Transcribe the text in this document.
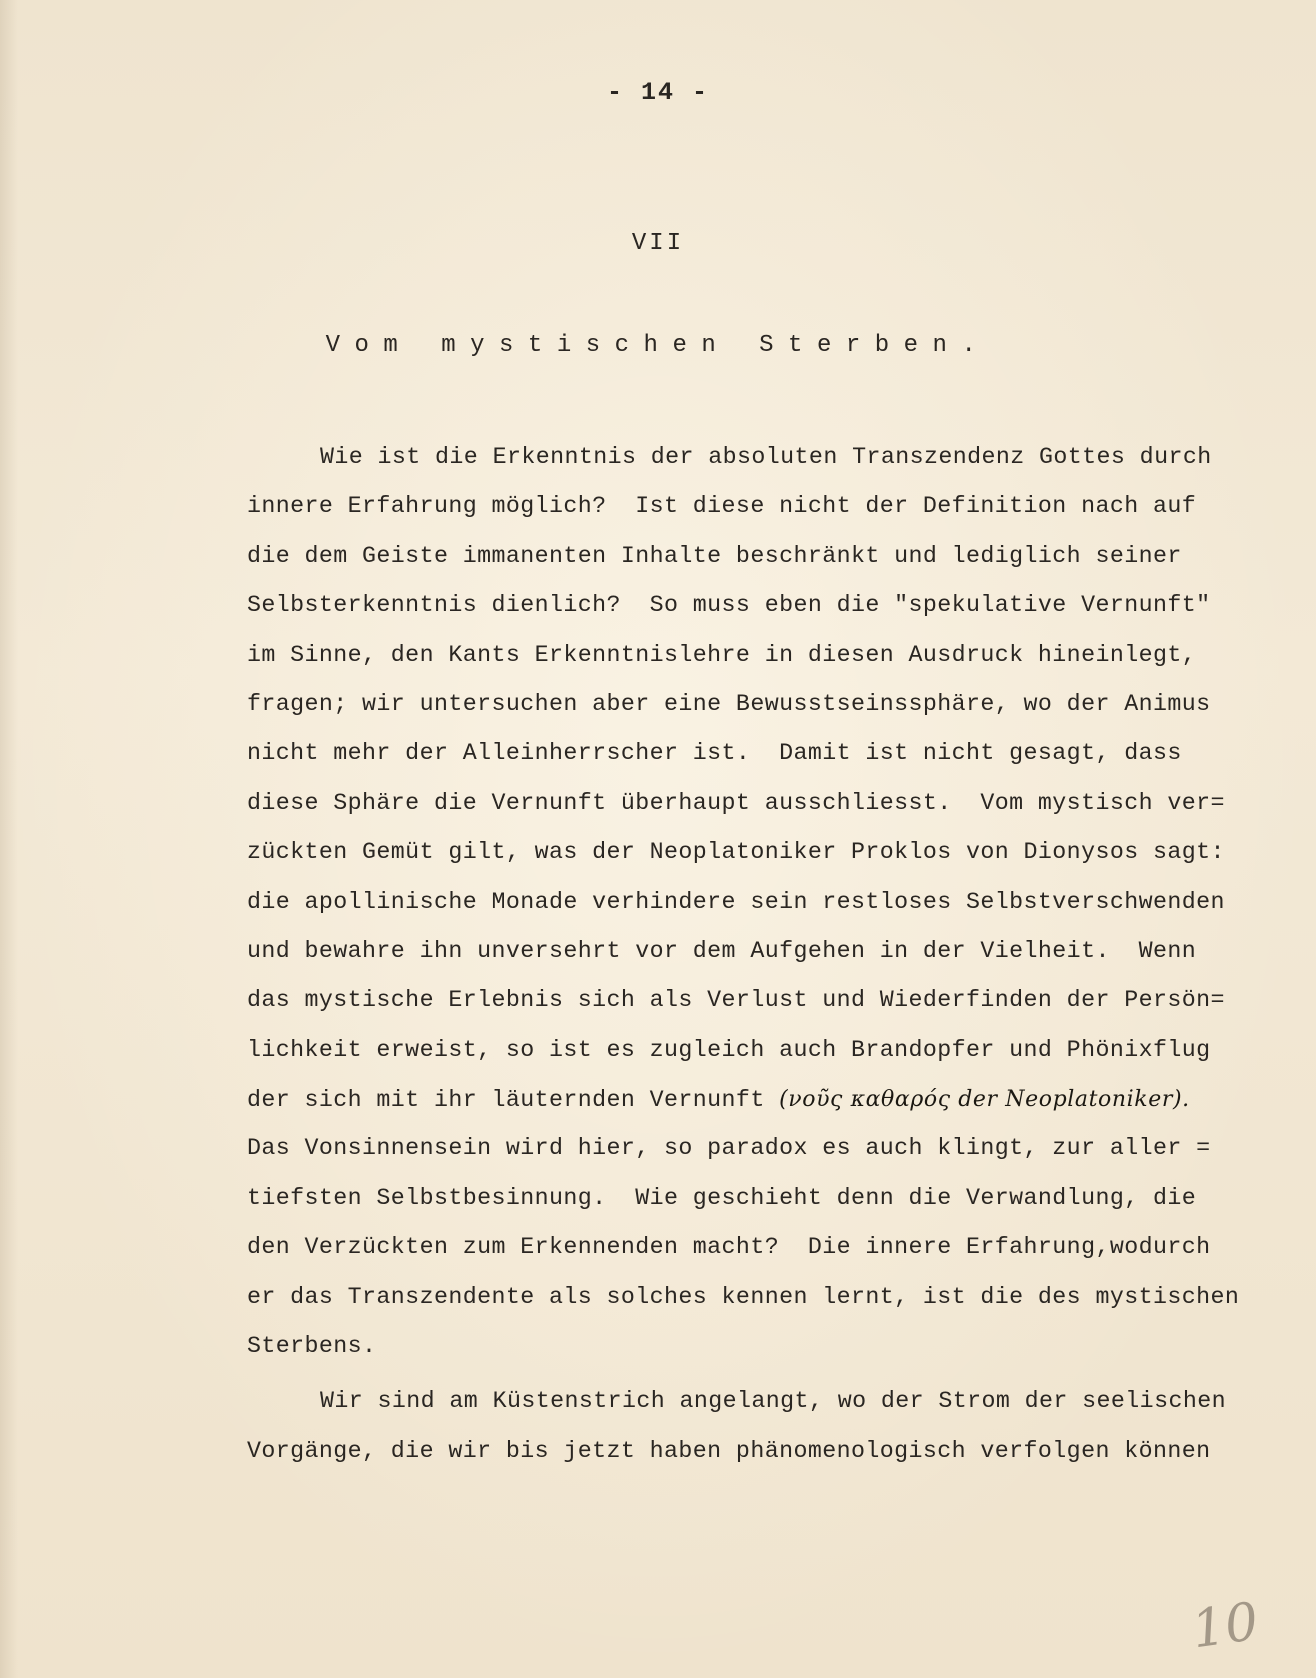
- 14 -
VII
Vom mystischen Sterben.
Wie ist die Erkenntnis der absoluten Transzendenz Gottes durch
innere Erfahrung möglich?  Ist diese nicht der Definition nach auf
die dem Geiste immanenten Inhalte beschränkt und lediglich seiner
Selbsterkenntnis dienlich?  So muss eben die "spekulative Vernunft"
im Sinne, den Kants Erkenntnislehre in diesen Ausdruck hineinlegt,
fragen; wir untersuchen aber eine Bewusstseinssphäre, wo der Animus
nicht mehr der Alleinherrscher ist.  Damit ist nicht gesagt, dass
diese Sphäre die Vernunft überhaupt ausschliesst.  Vom mystisch ver=
zückten Gemüt gilt, was der Neoplatoniker Proklos von Dionysos sagt:
die apollinische Monade verhindere sein restloses Selbstverschwenden
und bewahre ihn unversehrt vor dem Aufgehen in der Vielheit.  Wenn
das mystische Erlebnis sich als Verlust und Wiederfinden der Persön=
lichkeit erweist, so ist es zugleich auch Brandopfer und Phönixflug
der sich mit ihr läuternden Vernunft (νοῦς καθαρός der Neoplatoniker).
Das Vonsinnensein wird hier, so paradox es auch klingt, zur aller =
tiefsten Selbstbesinnung.  Wie geschieht denn die Verwandlung, die
den Verzückten zum Erkennenden macht?  Die innere Erfahrung,wodurch
er das Transzendente als solches kennen lernt, ist die des mystischen
Sterbens.
Wir sind am Küstenstrich angelangt, wo der Strom der seelischen
Vorgänge, die wir bis jetzt haben phänomenologisch verfolgen können
10
